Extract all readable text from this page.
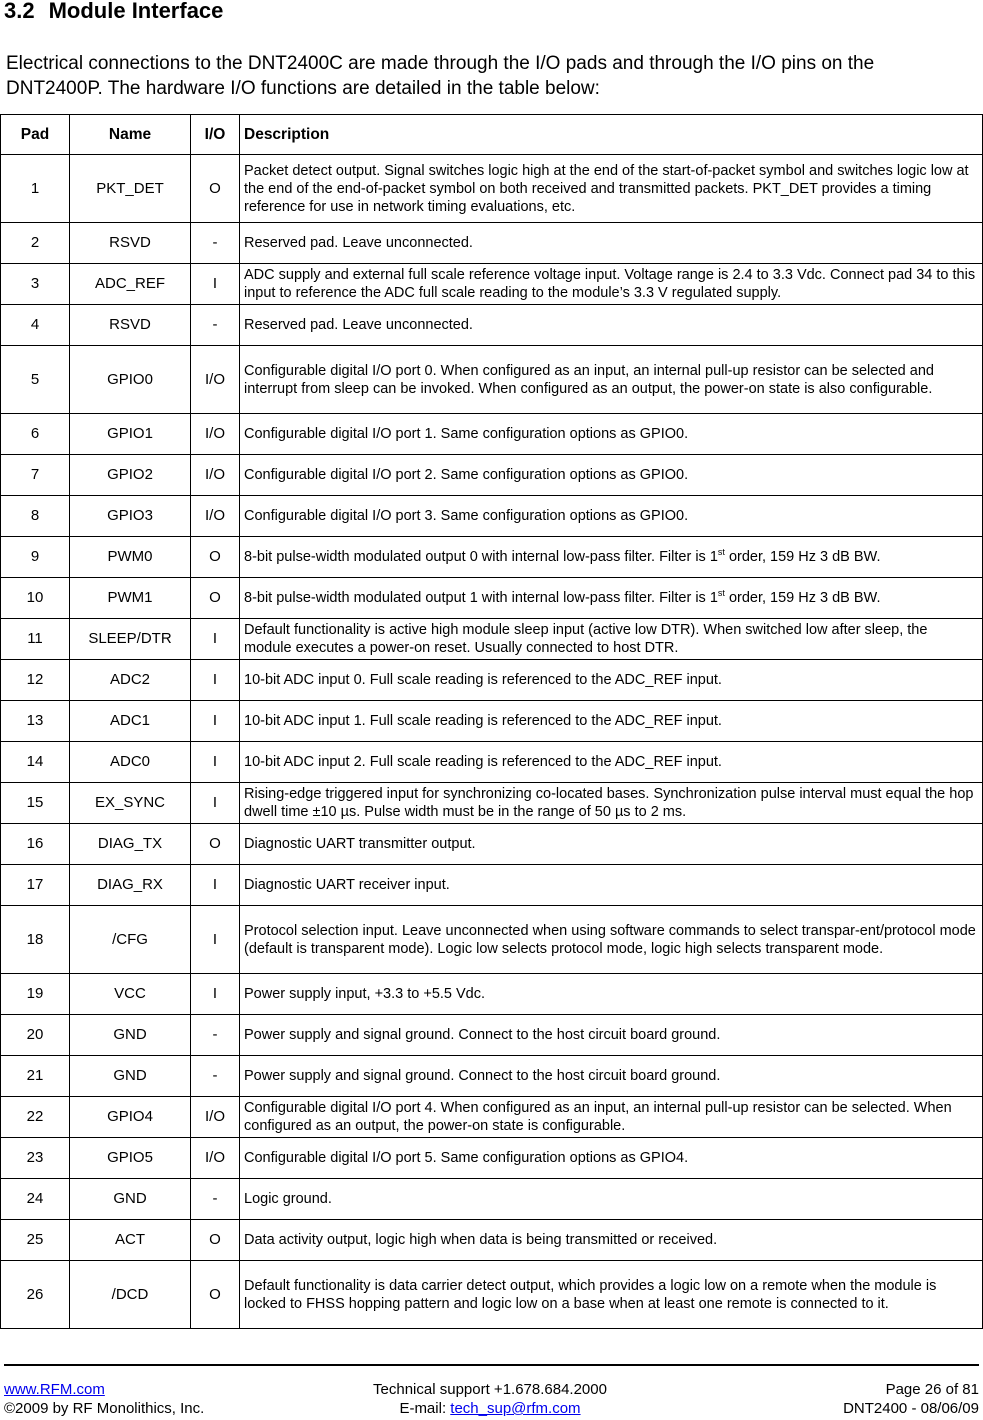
3.2 Module Interface

Electrical connections to the DNT2400C are made through the I/O pads and through the I/O pins on the DNT2400P. The hardware I/O functions are detailed in the table below:

Pad	Name	I/O	Description
1	PKT_DET	O	Packet detect output. Signal switches logic high at the end of the start-of-packet symbol and switches logic low at the end of the end-of-packet symbol on both received and transmitted packets. PKT_DET provides a timing reference for use in network timing evaluations, etc.
2	RSVD	-	Reserved pad. Leave unconnected.
3	ADC_REF	I	ADC supply and external full scale reference voltage input. Voltage range is 2.4 to 3.3 Vdc. Connect pad 34 to this input to reference the ADC full scale reading to the module’s 3.3 V regulated supply.
4	RSVD	-	Reserved pad. Leave unconnected.
5	GPIO0	I/O	Configurable digital I/O port 0. When configured as an input, an internal pull-up resistor can be selected and interrupt from sleep can be invoked. When configured as an output, the power-on state is also configurable.
6	GPIO1	I/O	Configurable digital I/O port 1. Same configuration options as GPIO0.
7	GPIO2	I/O	Configurable digital I/O port 2. Same configuration options as GPIO0.
8	GPIO3	I/O	Configurable digital I/O port 3. Same configuration options as GPIO0.
9	PWM0	O	8-bit pulse-width modulated output 0 with internal low-pass filter. Filter is 1st order, 159 Hz 3 dB BW.
10	PWM1	O	8-bit pulse-width modulated output 1 with internal low-pass filter. Filter is 1st order, 159 Hz 3 dB BW.
11	SLEEP/DTR	I	Default functionality is active high module sleep input (active low DTR). When switched low after sleep, the module executes a power-on reset. Usually connected to host DTR.
12	ADC2	I	10-bit ADC input 0. Full scale reading is referenced to the ADC_REF input.
13	ADC1	I	10-bit ADC input 1. Full scale reading is referenced to the ADC_REF input.
14	ADC0	I	10-bit ADC input 2. Full scale reading is referenced to the ADC_REF input.
15	EX_SYNC	I	Rising-edge triggered input for synchronizing co-located bases. Synchronization pulse interval must equal the hop dwell time ±10 µs. Pulse width must be in the range of 50 µs to 2 ms.
16	DIAG_TX	O	Diagnostic UART transmitter output.
17	DIAG_RX	I	Diagnostic UART receiver input.
18	/CFG	I	Protocol selection input. Leave unconnected when using software commands to select transpar-ent/protocol mode (default is transparent mode). Logic low selects protocol mode, logic high selects transparent mode.
19	VCC	I	Power supply input, +3.3 to +5.5 Vdc.
20	GND	-	Power supply and signal ground. Connect to the host circuit board ground.
21	GND	-	Power supply and signal ground. Connect to the host circuit board ground.
22	GPIO4	I/O	Configurable digital I/O port 4. When configured as an input, an internal pull-up resistor can be selected. When configured as an output, the power-on state is configurable.
23	GPIO5	I/O	Configurable digital I/O port 5. Same configuration options as GPIO4.
24	GND	-	Logic ground.
25	ACT	O	Data activity output, logic high when data is being transmitted or received.
26	/DCD	O	Default functionality is data carrier detect output, which provides a logic low on a remote when the module is locked to FHSS hopping pattern and logic low on a base when at least one remote is connected to it.
www.RFM.com
©2009 by RF Monolithics, Inc.
Technical support +1.678.684.2000
E-mail: tech_sup@rfm.com
Page 26 of 81
DNT2400 - 08/06/09
